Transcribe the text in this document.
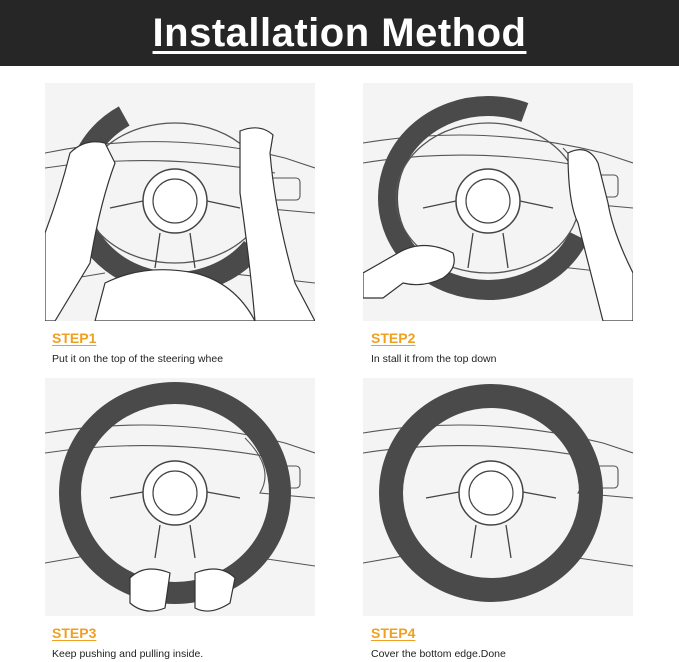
Installation Method
STEP1
Put it on the top of the steering whee
STEP2
In stall it from the top down
STEP3
Keep pushing and pulling inside.
STEP4
Cover the bottom edge.Done
